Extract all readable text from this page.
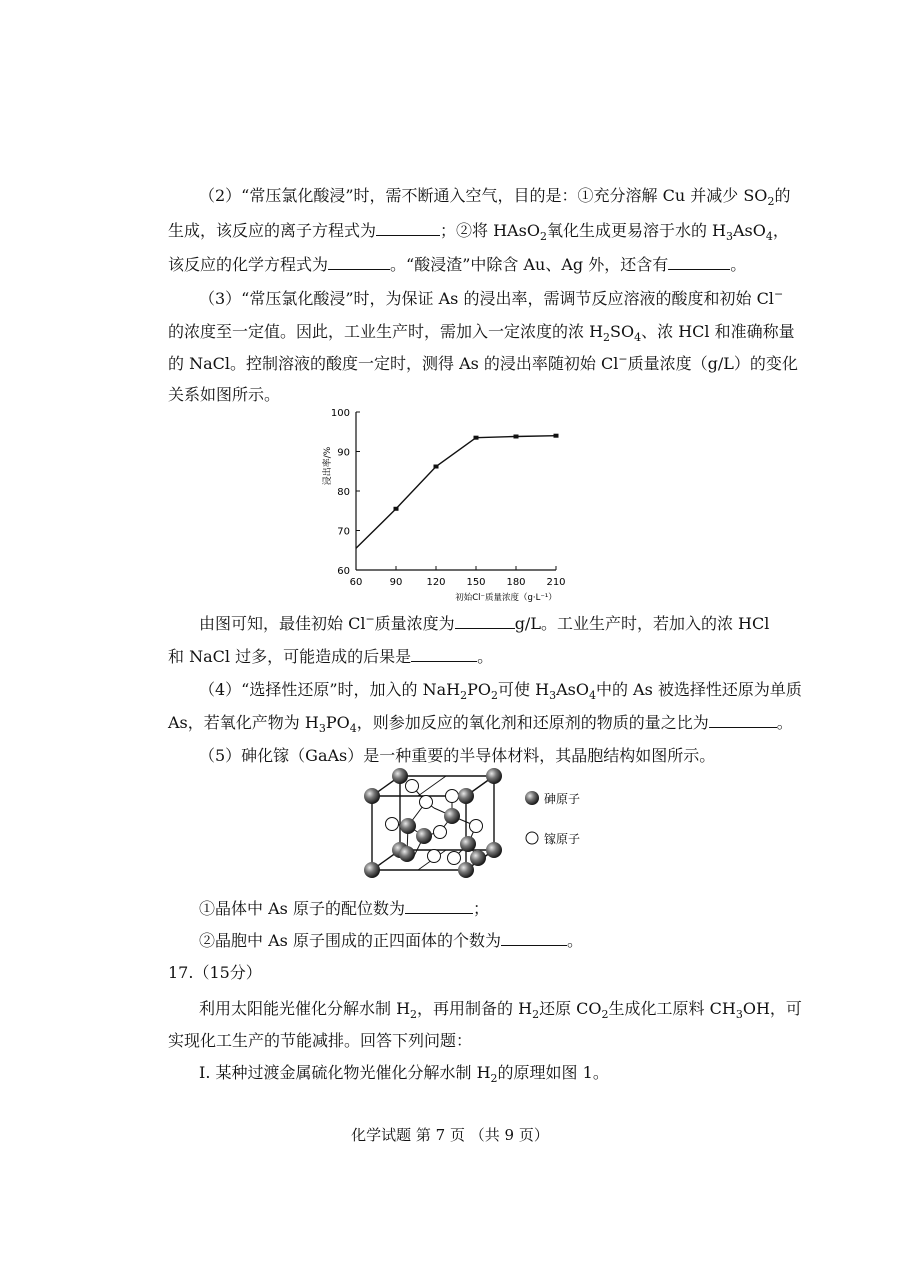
（2）“常压氯化酸浸”时，需不断通入空气，目的是：①充分溶解 Cu 并减少 $SO_2$的
生成，该反应的离子方程式为	；②将 HAsO$_2$氧化生成更易溶于水的 $H_3AsO_4$，
该反应的化学方程式为	。“酸浸渣”中除含 Au、Ag 外，还含有	。
（3）“常压氯化酸浸”时，为保证 As 的浸出率，需调节反应溶液的酸度和初始 Cl−
的浓度至一定值。因此，工业生产时，需加入一定浓度的浓 $H_2SO_4$、浓 HCl 和准确称量
的 NaCl。控制溶液的酸度一定时，测得 As 的浸出率随初始 Cl−质量浓度（g/L）的变化
关系如图所示。
60	90 120 150 180 210
60
70
80
90
100
浸出率/%
初始Cl⁻质量浓度（g·L⁻¹）
由图可知，最佳初始 Cl−质量浓度为	g/L。工业生产时，若加入的浓 HCl
和 NaCl 过多，可能造成的后果是	。
（4）“选择性还原”时，加入的 $NaH_2PO_2$可使 $H_3AsO_4$中的 As 被选择性还原为单质
As，若氧化产物为 $H_3PO_4$，则参加反应的氧化剂和还原剂的物质的量之比为	。
（5）砷化镓（GaAs）是一种重要的半导体材料，其晶胞结构如图所示。
砷原子
镓原子
①晶体中 As 原子的配位数为	；
②晶胞中 As 原子围成的正四面体的个数为	。
17.（15分）
利用太阳能光催化分解水制 $H_2$，再用制备的 $H_2$还原 $CO_2$生成化工原料 $CH_3OH$，可
实现化工生产的节能减排。回答下列问题：
Ⅰ. 某种过渡金属硫化物光催化分解水制 $H_2$的原理如图 1。
化学试题 第 7 页 （共 9 页）
